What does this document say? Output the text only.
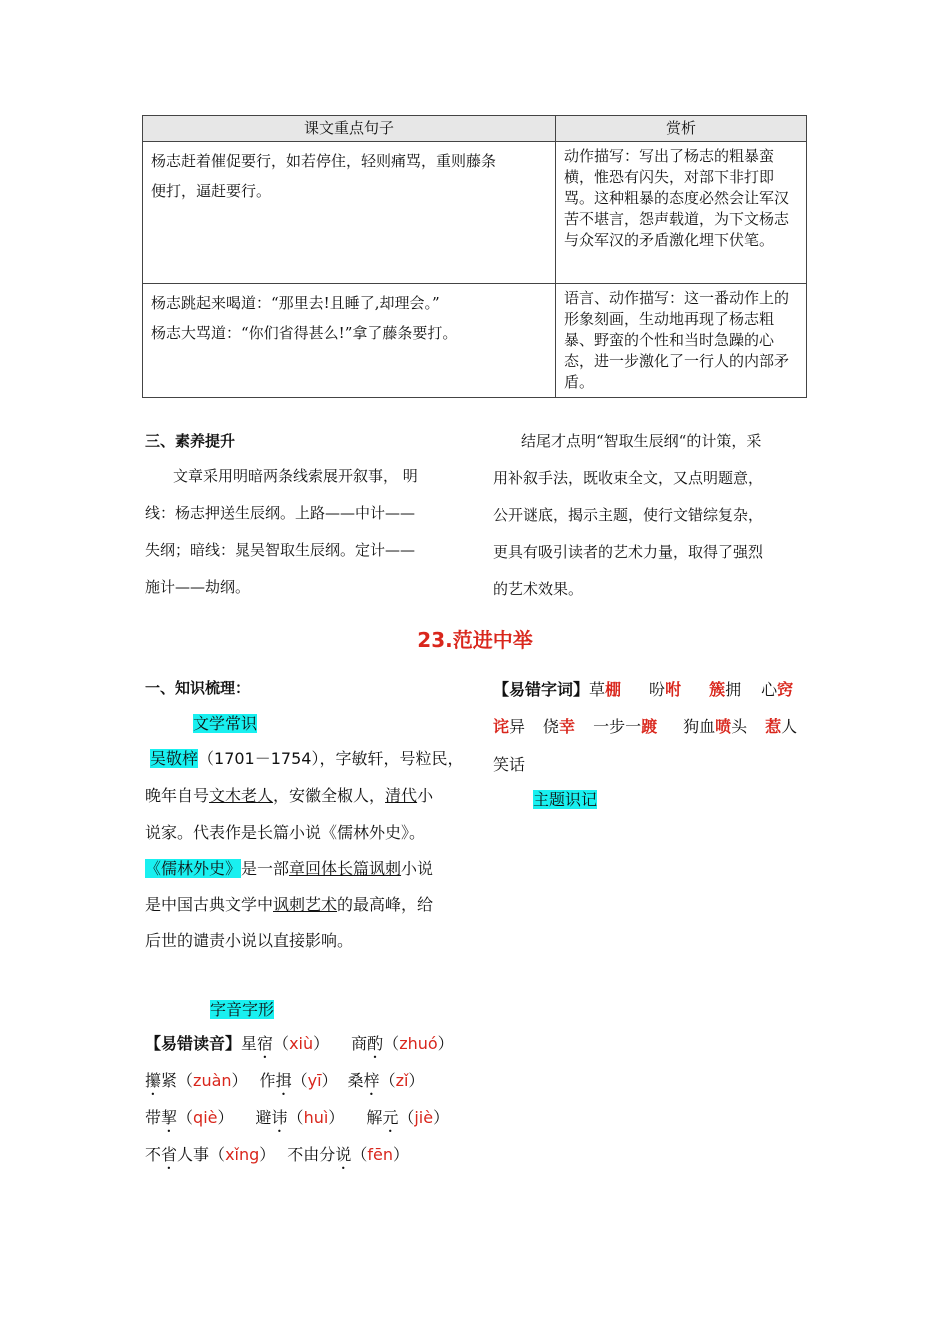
课文重点句子	赏析

杨志赶着催促要行，如若停住，轻则痛骂，重则藤条
便打，逼赶要行。	动作描写：写出了杨志的粗暴蛮横，惟恐有闪失，对部下非打即骂。这种粗暴的态度必然会让军汉苦不堪言，怨声载道，为下文杨志与众军汉的矛盾激化埋下伏笔。

杨志跳起来喝道：“那里去!且睡了,却理会。”
杨志大骂道：“你们省得甚么!”拿了藤条要打。	语言、动作描写：这一番动作上的形象刻画，生动地再现了杨志粗暴、野蛮的个性和当时急躁的心态，进一步激化了一行人的内部矛盾。
三、素养提升
文章采用明暗两条线索展开叙事， 明
线：杨志押送生辰纲。上路——中计——
失纲；暗线：晁吴智取生辰纲。定计——
施计——劫纲。
结尾才点明“智取生辰纲“的计策，采
用补叙手法，既收束全文，又点明题意，
公开谜底，揭示主题，使行文错综复杂，
更具有吸引读者的艺术力量，取得了强烈
的艺术效果。
23.范进中举
一、知识梳理：
文学常识
吴敬梓（1701－1754），字敏轩，号粒民，
晚年自号文木老人，安徽全椒人，清代小
说家。代表作是长篇小说《儒林外史》。
《儒林外史》是一部章回体长篇讽刺小说
是中国古典文学中讽刺艺术的最高峰，给
后世的谴责小说以直接影响。
字音字形
【易错读音】星宿（xiù） 商酌（zhuó）
攥紧（zuàn） 作揖（yī） 桑梓（zǐ）
带挈（qiè） 避讳（huì） 解元（jiè）
不省人事（xǐng） 不由分说（fēn）
【易错字词】草棚 吩咐 簇拥 心窍
诧异 侥幸 一步一踱 狗血喷头 惹人
笑话
主题识记
